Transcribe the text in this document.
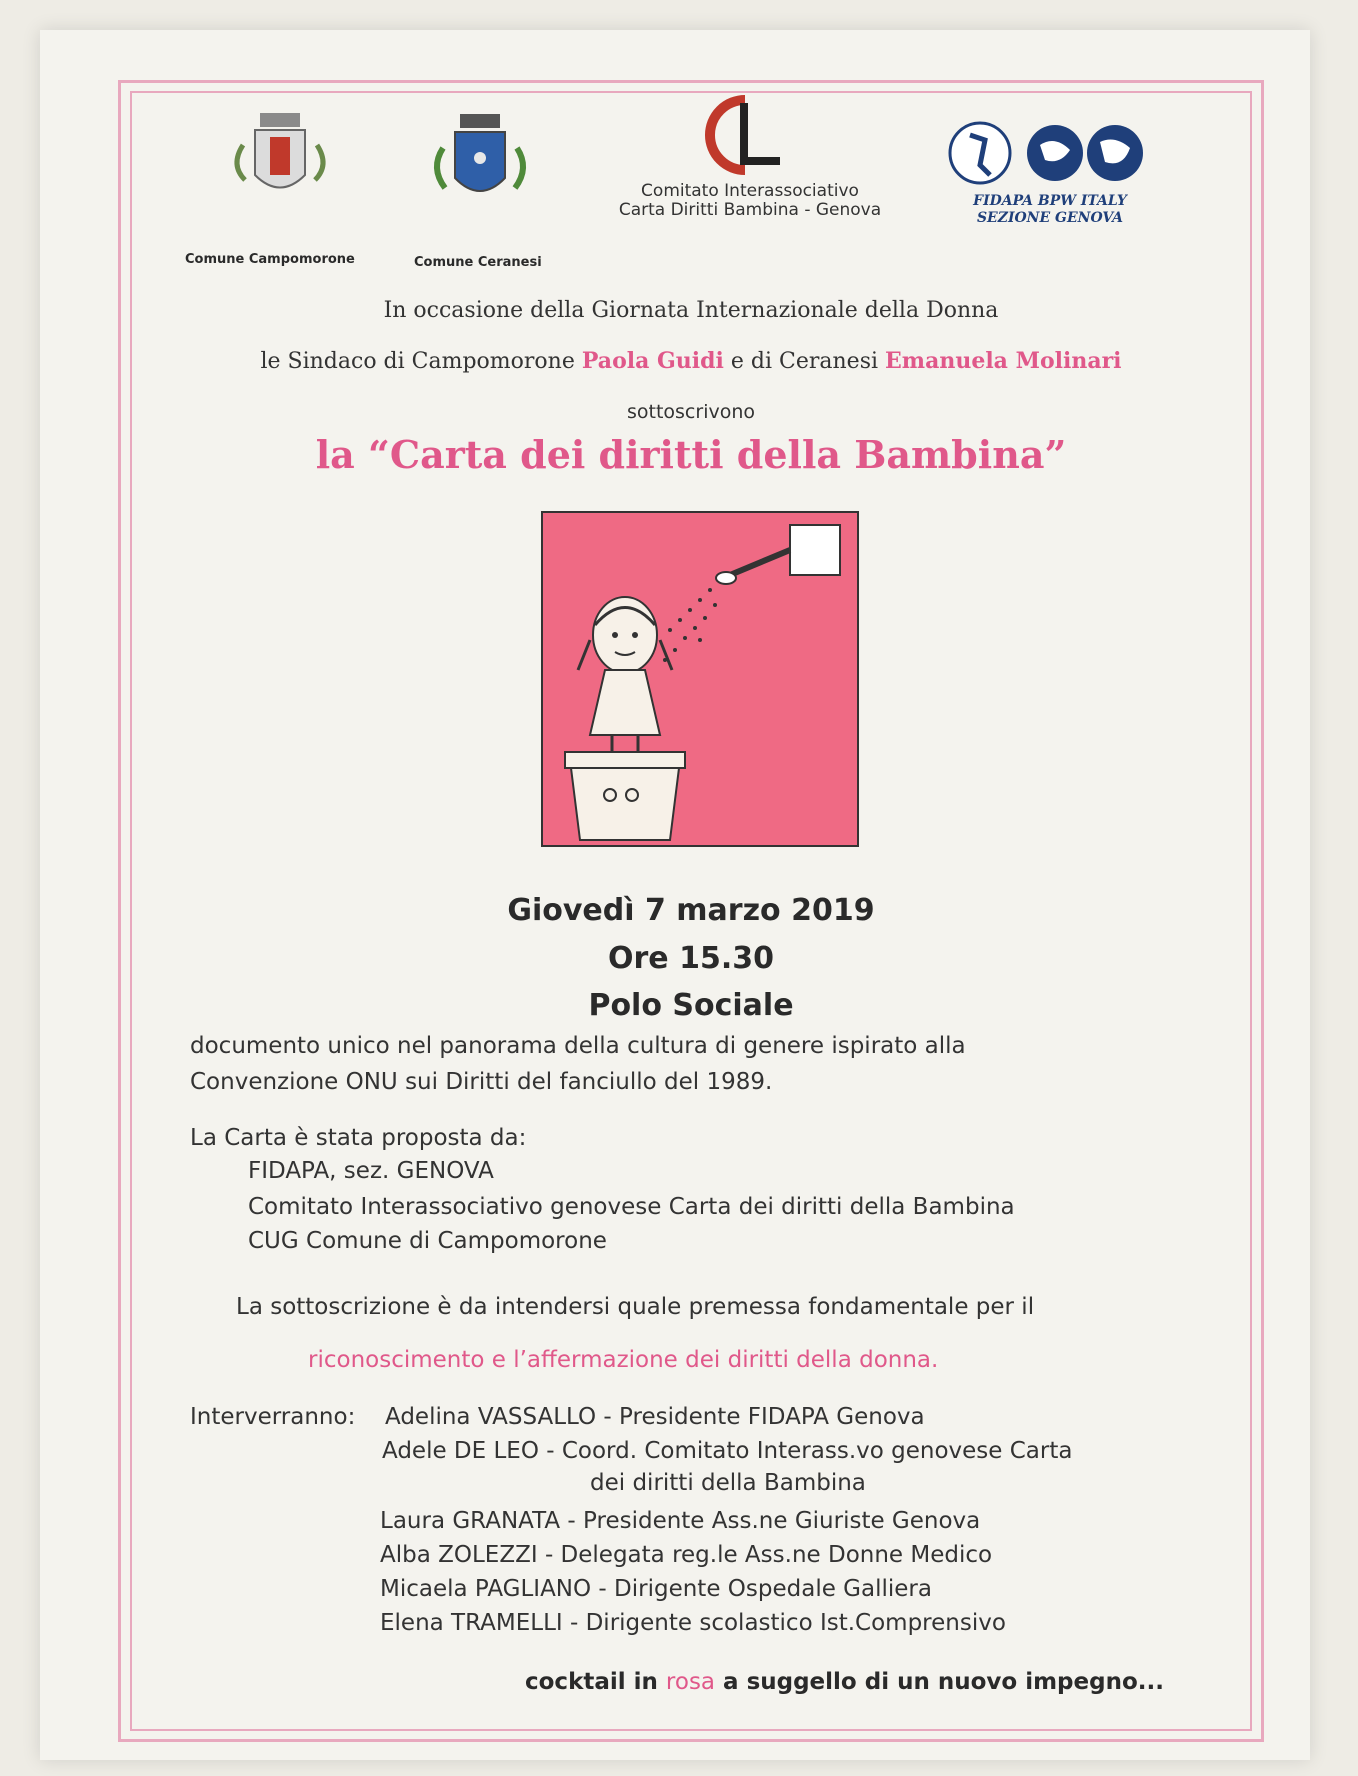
Comune Campomorone	Comune Ceranesi
Comitato Interassociativo
Carta Diritti Bambina - Genova	FIDAPA BPW ITALY
SEZIONE GENOVA
In occasione della Giornata Internazionale della Donna
le Sindaco di Campomorone Paola Guidi e di Ceranesi Emanuela Molinari
sottoscrivono
la “Carta dei diritti della Bambina”
Giovedì 7 marzo 2019
Ore 15.30
Polo Sociale
documento unico nel panorama della cultura di genere ispirato alla
Convenzione ONU sui Diritti del fanciullo del 1989.
La Carta è stata proposta da:
FIDAPA, sez. GENOVA
Comitato Interassociativo genovese Carta dei diritti della Bambina
CUG Comune di Campomorone
La sottoscrizione è da intendersi quale premessa fondamentale per il
riconoscimento e l’affermazione dei diritti della donna.
Interverranno: Adelina VASSALLO - Presidente FIDAPA Genova
Adele DE LEO - Coord. Comitato Interass.vo genovese Carta
dei diritti della Bambina
Laura GRANATA - Presidente Ass.ne Giuriste Genova
Alba ZOLEZZI - Delegata reg.le Ass.ne Donne Medico
Micaela PAGLIANO - Dirigente Ospedale Galliera
Elena TRAMELLI - Dirigente scolastico Ist.Comprensivo
cocktail in rosa a suggello di un nuovo impegno...
